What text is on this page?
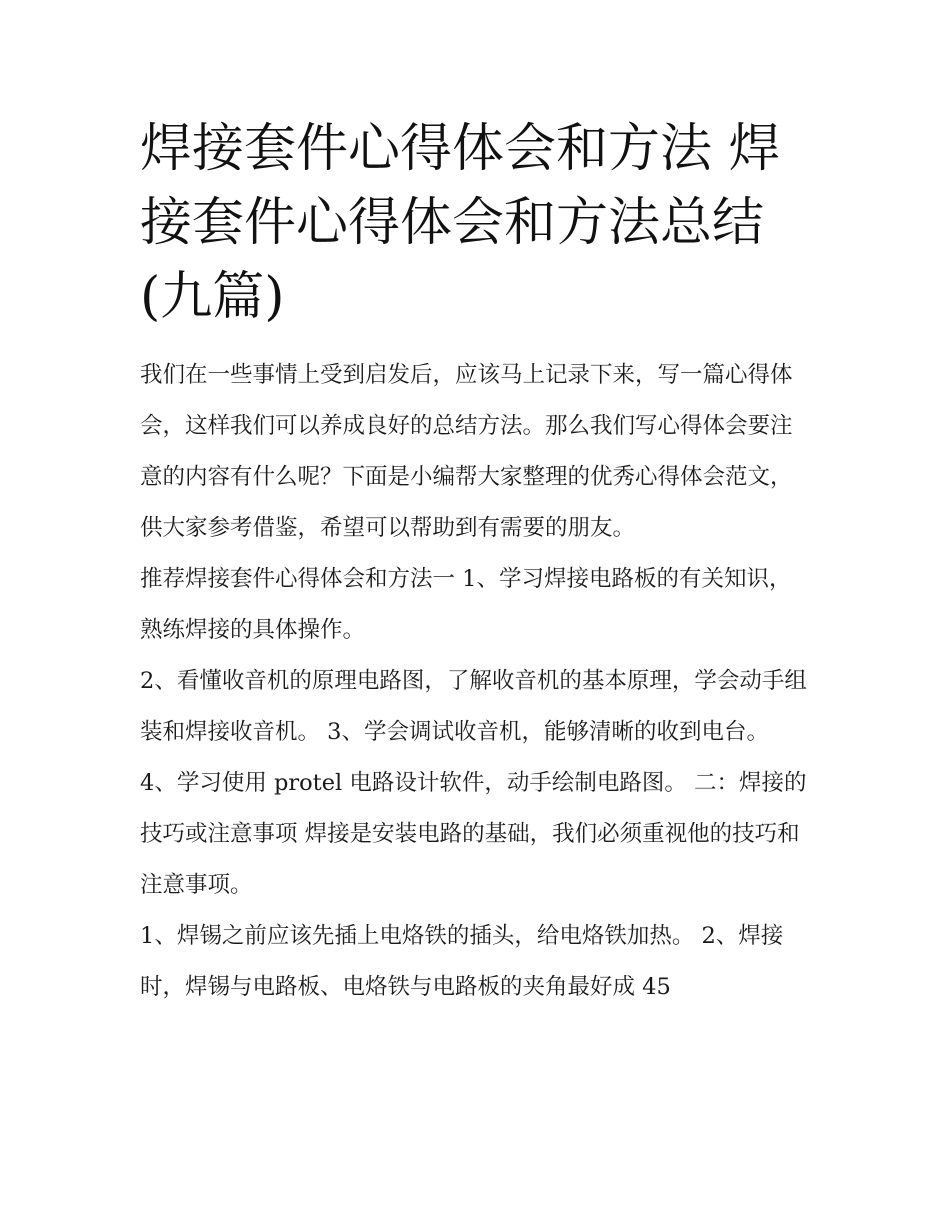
焊接套件心得体会和方法 焊接套件心得体会和方法总结(九篇)

我们在一些事情上受到启发后，应该马上记录下来，写一篇心得体会，这样我们可以养成良好的总结方法。那么我们写心得体会要注意的内容有什么呢？下面是小编帮大家整理的优秀心得体会范文，供大家参考借鉴，希望可以帮助到有需要的朋友。

推荐焊接套件心得体会和方法一 1、学习焊接电路板的有关知识，熟练焊接的具体操作。

2、看懂收音机的原理电路图，了解收音机的基本原理，学会动手组装和焊接收音机。 3、学会调试收音机，能够清晰的收到电台。

4、学习使用 protel 电路设计软件，动手绘制电路图。 二：焊接的技巧或注意事项 焊接是安装电路的基础，我们必须重视他的技巧和注意事项。

1、焊锡之前应该先插上电烙铁的插头，给电烙铁加热。 2、焊接时，焊锡与电路板、电烙铁与电路板的夹角最好成 45
